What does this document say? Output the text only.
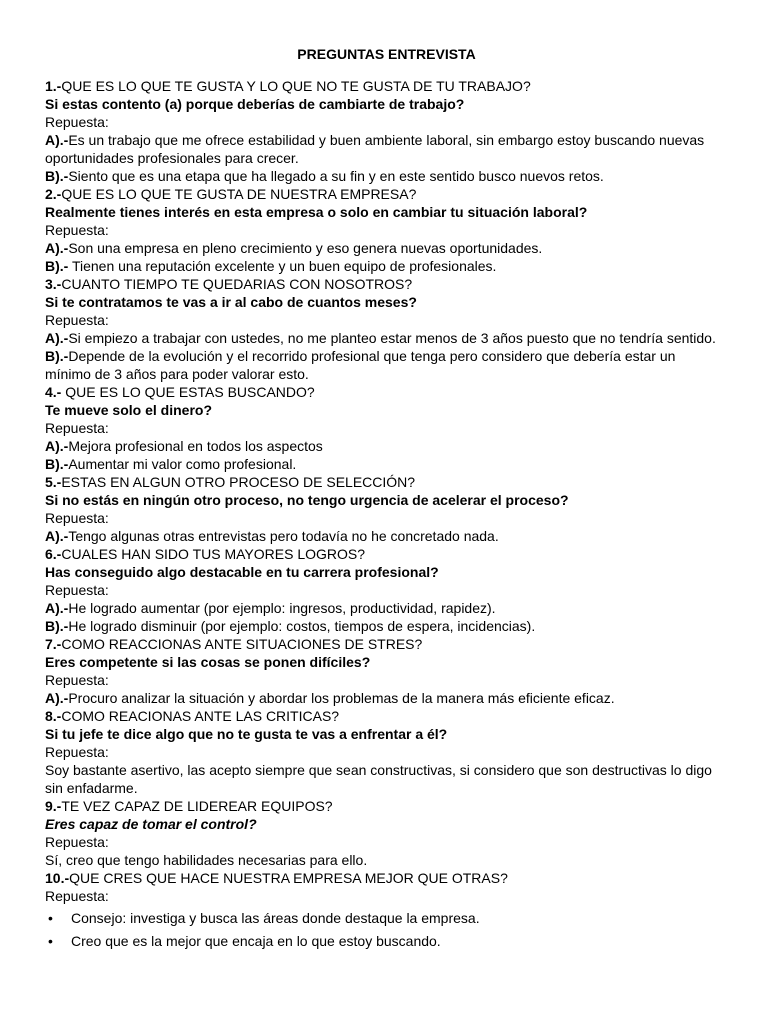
PREGUNTAS ENTREVISTA

1.-QUE ES LO QUE TE GUSTA Y LO QUE NO TE GUSTA DE TU TRABAJO?

Si estas contento (a) porque deberías de cambiarte de trabajo?

Repuesta:

A).-Es un trabajo que me ofrece estabilidad y buen ambiente laboral, sin embargo estoy buscando nuevas oportunidades profesionales para crecer.

B).-Siento que es una etapa que ha llegado a su fin y en este sentido busco nuevos retos.

2.-QUE ES LO QUE TE GUSTA DE NUESTRA EMPRESA?

Realmente tienes interés en esta empresa o solo en cambiar tu situación laboral?

Repuesta:

A).-Son una empresa en pleno crecimiento y eso genera nuevas oportunidades.

B).- Tienen una reputación excelente y un buen equipo de profesionales.

3.-CUANTO TIEMPO TE QUEDARIAS CON NOSOTROS?

Si te contratamos te vas a ir al cabo de cuantos meses?

Repuesta:

A).-Si empiezo a trabajar con ustedes, no me planteo estar menos de 3 años puesto que no tendría sentido.

B).-Depende de la evolución y el recorrido profesional que tenga pero considero que debería estar un mínimo de 3 años para poder valorar esto.

4.- QUE ES LO QUE ESTAS BUSCANDO?

Te mueve solo el dinero?

Repuesta:

A).-Mejora profesional en todos los aspectos

B).-Aumentar mi valor como profesional.

5.-ESTAS EN ALGUN OTRO PROCESO DE SELECCIÓN?

Si no estás en ningún otro proceso, no tengo urgencia de acelerar el proceso?

Repuesta:

A).-Tengo algunas otras entrevistas pero todavía no he concretado nada.

6.-CUALES HAN SIDO TUS MAYORES LOGROS?

Has conseguido algo destacable en tu carrera profesional?

Repuesta:

A).-He logrado aumentar (por ejemplo: ingresos, productividad, rapidez).

B).-He logrado disminuir (por ejemplo: costos, tiempos de espera, incidencias).

7.-COMO REACCIONAS ANTE SITUACIONES DE STRES?

Eres competente si las cosas se ponen difíciles?

Repuesta:

A).-Procuro analizar la situación y abordar los problemas de la manera más eficiente eficaz.

8.-COMO REACIONAS ANTE LAS CRITICAS?

Si tu jefe te dice algo que no te gusta te vas a enfrentar a él?

Repuesta:

Soy bastante asertivo, las acepto siempre que sean constructivas, si considero que son destructivas lo digo sin enfadarme.

9.-TE VEZ CAPAZ DE LIDEREAR EQUIPOS?

Eres capaz de tomar el control?

Repuesta:

Sí, creo que tengo habilidades necesarias para ello.

10.-QUE CRES QUE HACE NUESTRA EMPRESA MEJOR QUE OTRAS?

Repuesta:

•	Consejo: investiga y busca las áreas donde destaque la empresa.
•	Creo que es la mejor que encaja en lo que estoy buscando.
